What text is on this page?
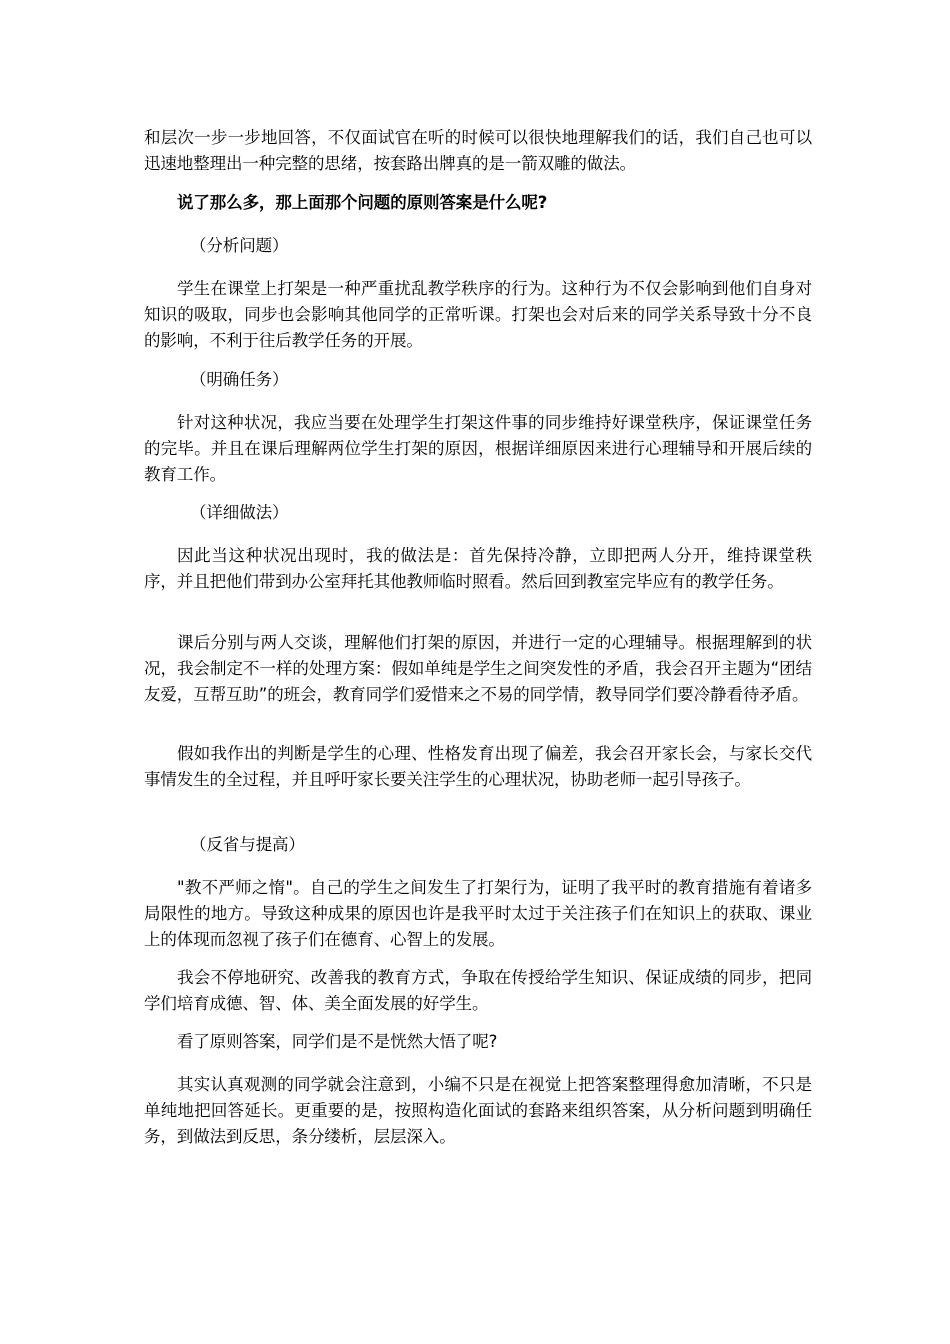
和层次一步一步地回答，不仅面试官在听的时候可以很快地理解我们的话，我们自己也可以迅速地整理出一种完整的思绪，按套路出牌真的是一箭双雕的做法。

说了那么多，那上面那个问题的原则答案是什么呢?

（分析问题）

学生在课堂上打架是一种严重扰乱教学秩序的行为。这种行为不仅会影响到他们自身对知识的吸取，同步也会影响其他同学的正常听课。打架也会对后来的同学关系导致十分不良的影响，不利于往后教学任务的开展。

（明确任务）

针对这种状况，我应当要在处理学生打架这件事的同步维持好课堂秩序，保证课堂任务的完毕。并且在课后理解两位学生打架的原因，根据详细原因来进行心理辅导和开展后续的教育工作。

（详细做法）

因此当这种状况出现时，我的做法是：首先保持冷静，立即把两人分开，维持课堂秩序，并且把他们带到办公室拜托其他教师临时照看。然后回到教室完毕应有的教学任务。

课后分别与两人交谈，理解他们打架的原因，并进行一定的心理辅导。根据理解到的状况，我会制定不一样的处理方案：假如单纯是学生之间突发性的矛盾，我会召开主题为“团结友爱，互帮互助”的班会，教育同学们爱惜来之不易的同学情，教导同学们要冷静看待矛盾。

假如我作出的判断是学生的心理、性格发育出现了偏差，我会召开家长会，与家长交代事情发生的全过程，并且呼吁家长要关注学生的心理状况，协助老师一起引导孩子。

（反省与提高）

"教不严师之惰"。自己的学生之间发生了打架行为，证明了我平时的教育措施有着诸多局限性的地方。导致这种成果的原因也许是我平时太过于关注孩子们在知识上的获取、课业上的体现而忽视了孩子们在德育、心智上的发展。

我会不停地研究、改善我的教育方式，争取在传授给学生知识、保证成绩的同步，把同学们培育成德、智、体、美全面发展的好学生。

看了原则答案，同学们是不是恍然大悟了呢?

其实认真观测的同学就会注意到，小编不只是在视觉上把答案整理得愈加清晰，不只是单纯地把回答延长。更重要的是，按照构造化面试的套路来组织答案，从分析问题到明确任务，到做法到反思，条分缕析，层层深入。
